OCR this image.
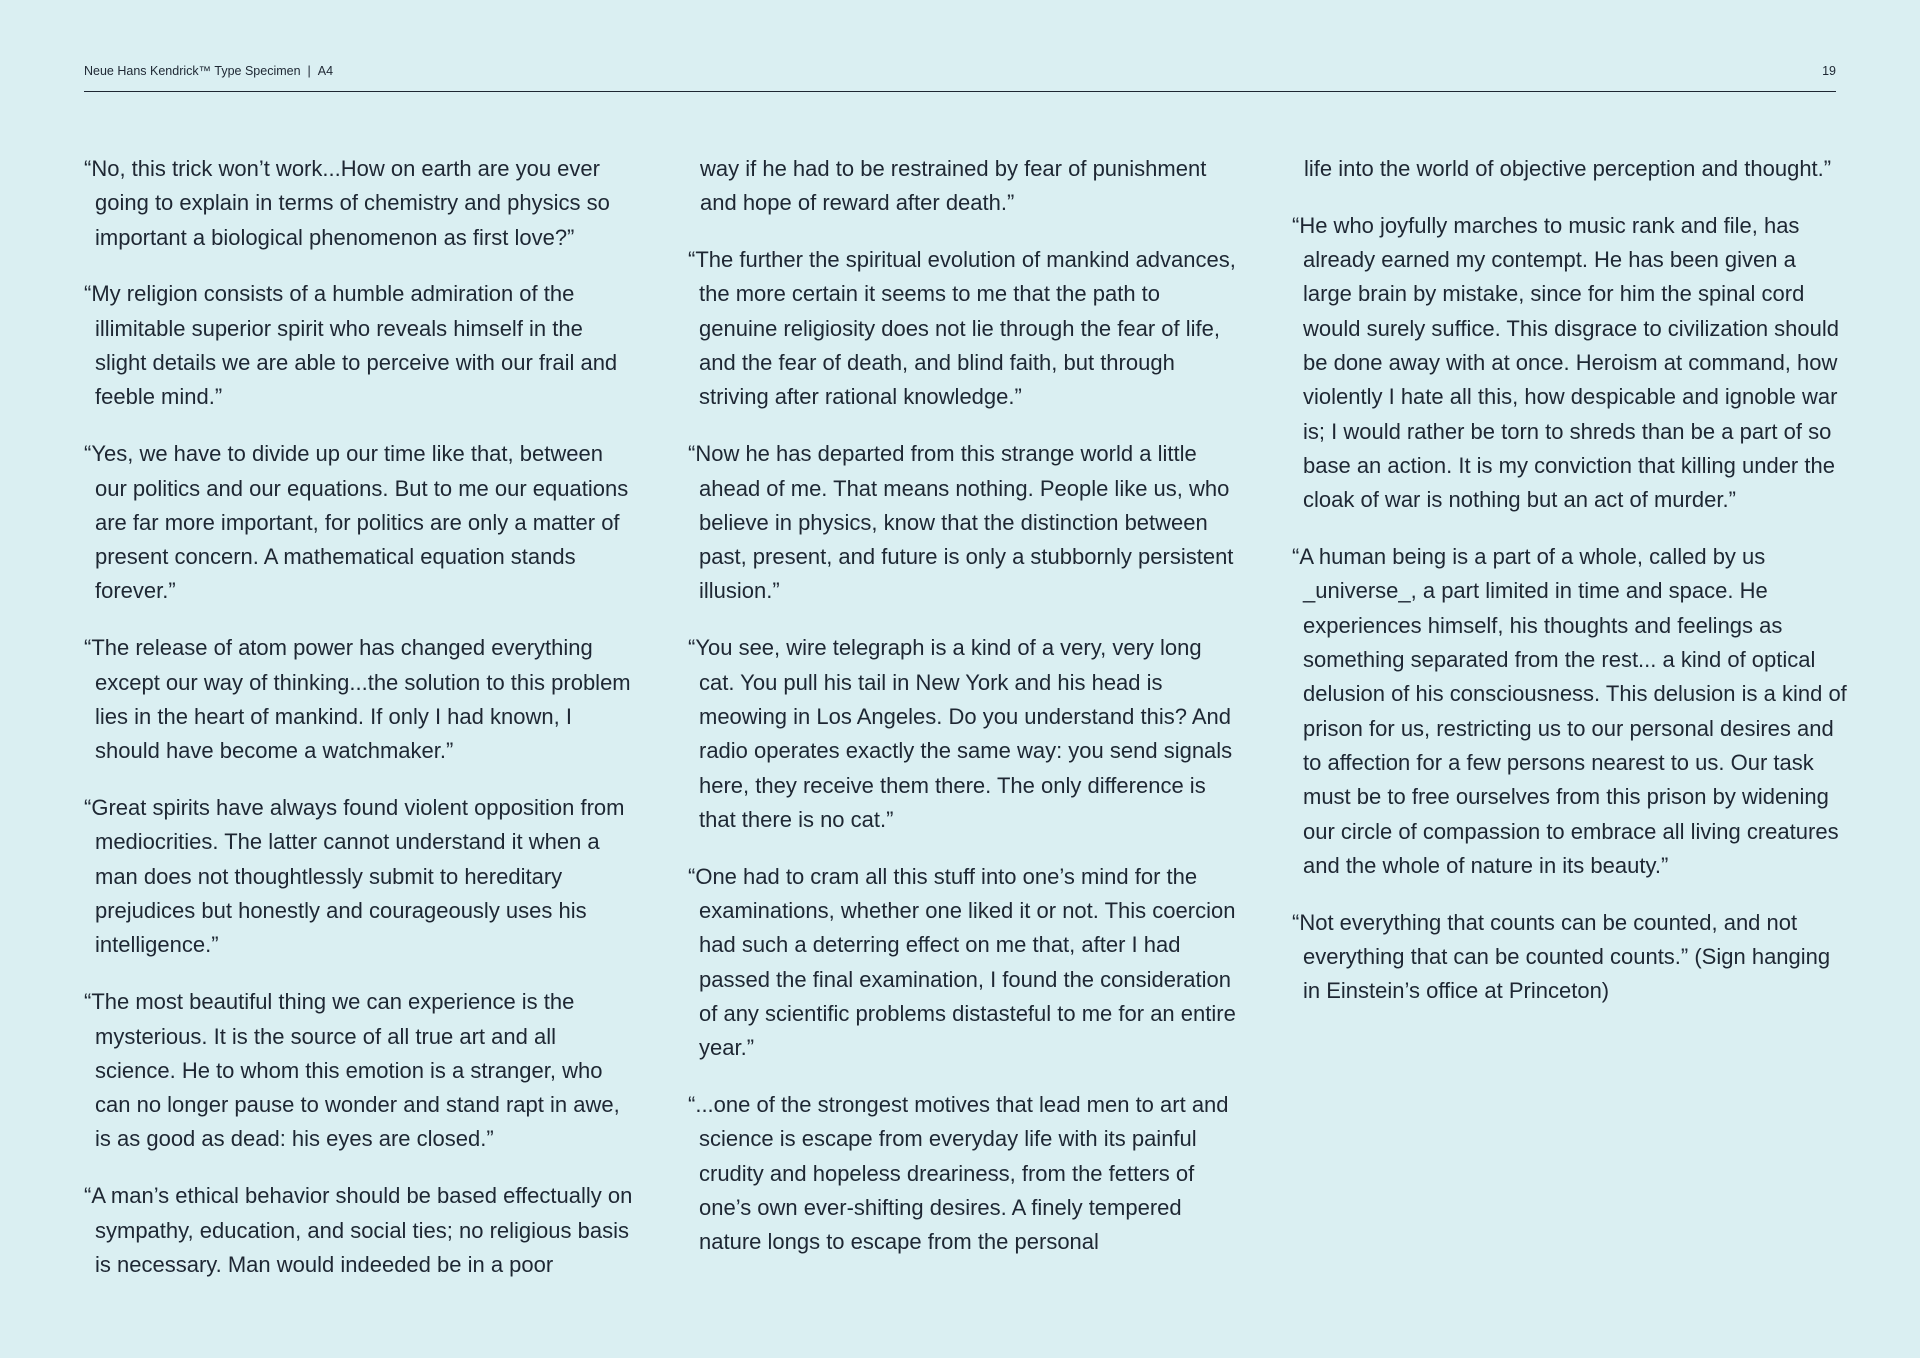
Neue Hans Kendrick™ Type Specimen | A4	19

“No, this trick won’t work...How on earth are you ever going to explain in terms of chemistry and physics so important a biological phenomenon as first love?”

“My religion consists of a humble admiration of the illimitable superior spirit who reveals himself in the slight details we are able to perceive with our frail and feeble mind.”

“Yes, we have to divide up our time like that, between our politics and our equations. But to me our equations are far more important, for politics are only a matter of present concern. A mathematical equation stands forever.”

“The release of atom power has changed everything except our way of thinking...the solution to this problem lies in the heart of mankind. If only I had known, I should have become a watchmaker.”

“Great spirits have always found violent opposition from mediocrities. The latter cannot understand it when a man does not thoughtlessly submit to hereditary prejudices but honestly and courageously uses his intelligence.”

“The most beautiful thing we can experience is the mysterious. It is the source of all true art and all science. He to whom this emotion is a stranger, who can no longer pause to wonder and stand rapt in awe, is as good as dead: his eyes are closed.”

“A man’s ethical behavior should be based effectually on sympathy, education, and social ties; no religious basis is necessary. Man would indeeded be in a poor

way if he had to be restrained by fear of punishment and hope of reward after death.”

“The further the spiritual evolution of mankind advances, the more certain it seems to me that the path to genuine religiosity does not lie through the fear of life, and the fear of death, and blind faith, but through striving after rational knowledge.”

“Now he has departed from this strange world a little ahead of me. That means nothing. People like us, who believe in physics, know that the distinction between past, present, and future is only a stubbornly persistent illusion.”

“You see, wire telegraph is a kind of a very, very long cat. You pull his tail in New York and his head is meowing in Los Angeles. Do you understand this? And radio operates exactly the same way: you send signals here, they receive them there. The only difference is that there is no cat.”

“One had to cram all this stuff into one’s mind for the examinations, whether one liked it or not. This coercion had such a deterring effect on me that, after I had passed the final examination, I found the consideration of any scientific problems distasteful to me for an entire year.”

“...one of the strongest motives that lead men to art and science is escape from everyday life with its painful crudity and hopeless dreariness, from the fetters of one’s own ever-shifting desires. A finely tempered nature longs to escape from the personal

life into the world of objective perception and thought.”

“He who joyfully marches to music rank and file, has already earned my contempt. He has been given a large brain by mistake, since for him the spinal cord would surely suffice. This disgrace to civilization should be done away with at once. Heroism at command, how violently I hate all this, how despicable and ignoble war is; I would rather be torn to shreds than be a part of so base an action. It is my conviction that killing under the cloak of war is nothing but an act of murder.”

“A human being is a part of a whole, called by us _universe_, a part limited in time and space. He experiences himself, his thoughts and feelings as something separated from the rest... a kind of optical delusion of his consciousness. This delusion is a kind of prison for us, restricting us to our personal desires and to affection for a few persons nearest to us. Our task must be to free ourselves from this prison by widening our circle of compassion to embrace all living creatures and the whole of nature in its beauty.”

“Not everything that counts can be counted, and not everything that can be counted counts.” (Sign hanging in Einstein’s office at Princeton)
